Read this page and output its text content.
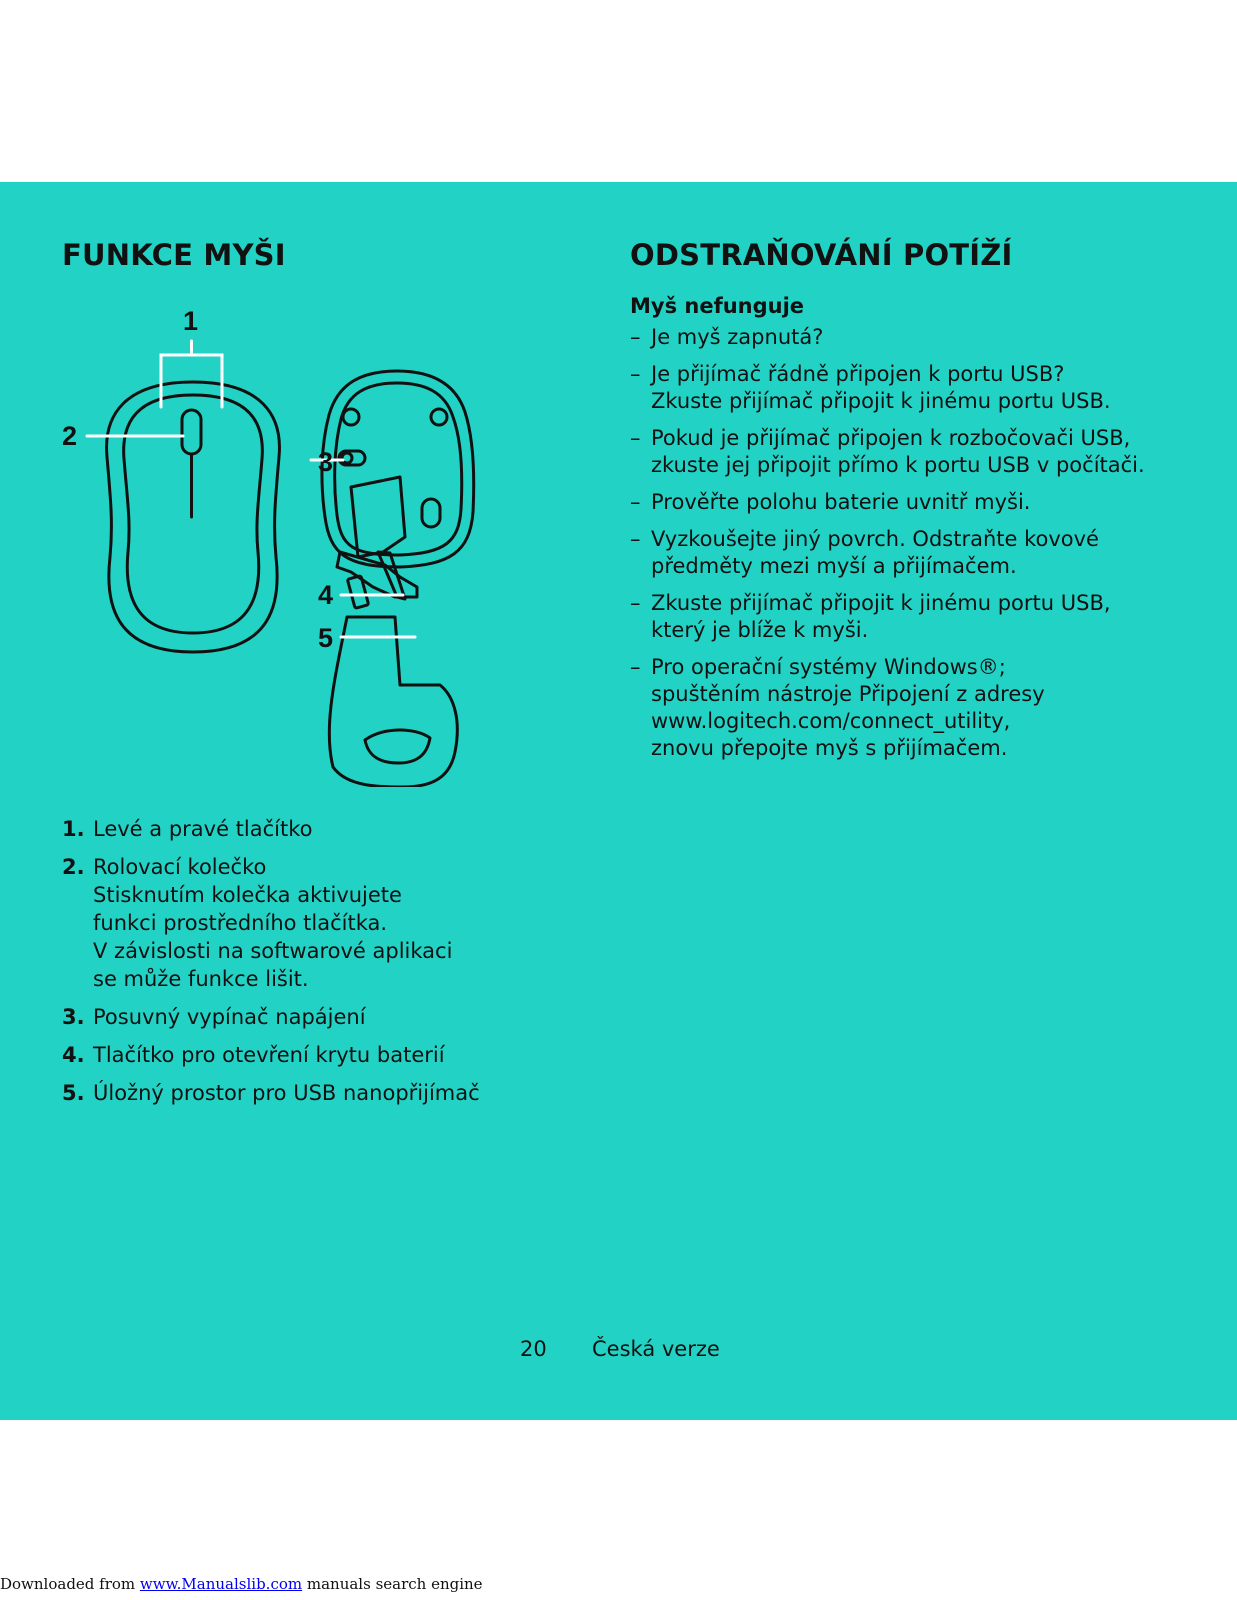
FUNKCE MYŠI	ODSTRAŇOVÁNÍ POTÍŽÍ
1
2
3
4
5
1. Levé a pravé tlačítko
2. Rolovací kolečko
Stisknutím kolečka aktivujete
funkci prostředního tlačítka.
V závislosti na softwarové aplikaci
se může funkce lišit.
3. Posuvný vypínač napájení
4. Tlačítko pro otevření krytu baterií
5. Úložný prostor pro USB nanopřijímač
Myš nefunguje
– Je myš zapnutá?
– Je přijímač řádně připojen k portu USB?
Zkuste přijímač připojit k jinému portu USB.
– Pokud je přijímač připojen k rozbočovači USB,
zkuste jej připojit přímo k portu USB v počítači.
– Prověřte polohu baterie uvnitř myši.
– Vyzkoušejte jiný povrch. Odstraňte kovové
předměty mezi myší a přijímačem.
– Zkuste přijímač připojit k jinému portu USB,
který je blíže k myši.
– Pro operační systémy Windows®;
spuštěním nástroje Připojení z adresy
www.logitech.com/connect_utility,
znovu přepojte myš s přijímačem.
20 Česká verze
Downloaded from www.Manualslib.com manuals search engine
